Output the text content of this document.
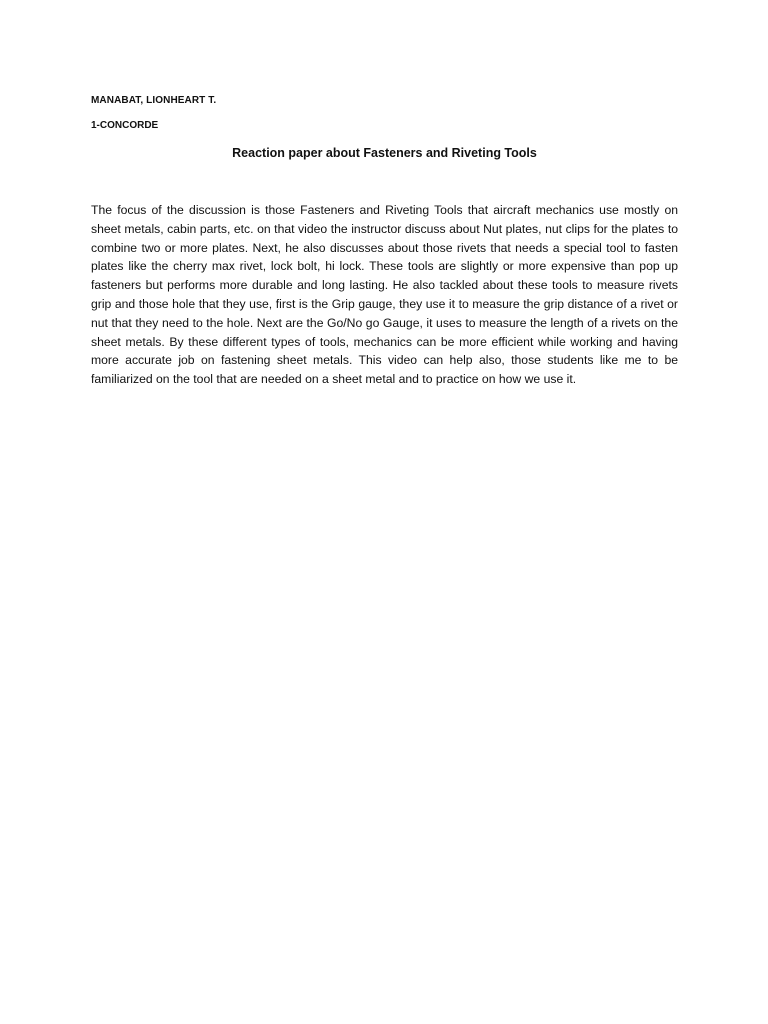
MANABAT, LIONHEART T.
1-CONCORDE
Reaction paper about Fasteners and Riveting Tools

The focus of the discussion is those Fasteners and Riveting Tools that aircraft mechanics use mostly on sheet metals, cabin parts, etc. on that video the instructor discuss about Nut plates, nut clips for the plates to combine two or more plates. Next, he also discusses about those rivets that needs a special tool to fasten plates like the cherry max rivet, lock bolt, hi lock. These tools are slightly or more expensive than pop up fasteners but performs more durable and long lasting. He also tackled about these tools to measure rivets grip and those hole that they use, first is the Grip gauge, they use it to measure the grip distance of a rivet or nut that they need to the hole. Next are the Go/No go Gauge, it uses to measure the length of a rivets on the sheet metals. By these different types of tools, mechanics can be more efficient while working and having more accurate job on fastening sheet metals. This video can help also, those students like me to be familiarized on the tool that are needed on a sheet metal and to practice on how we use it.
